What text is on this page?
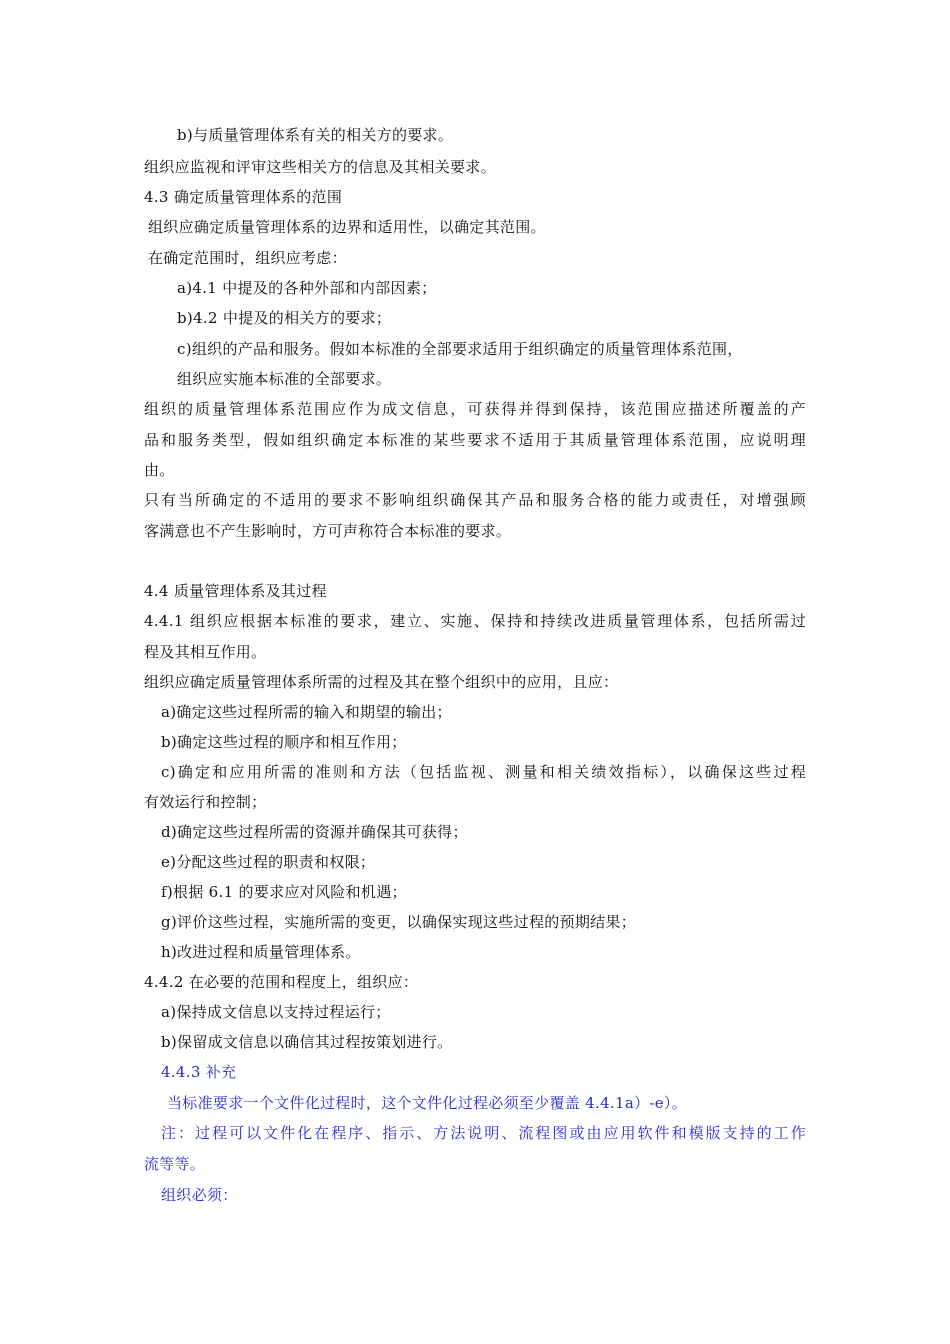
b)与质量管理体系有关的相关方的要求。
组织应监视和评审这些相关方的信息及其相关要求。
4.3 确定质量管理体系的范围
组织应确定质量管理体系的边界和适用性，以确定其范围。
在确定范围时，组织应考虑：
a)4.1 中提及的各种外部和内部因素；
b)4.2 中提及的相关方的要求；
c)组织的产品和服务。假如本标准的全部要求适用于组织确定的质量管理体系范围，
组织应实施本标准的全部要求。
组织的质量管理体系范围应作为成文信息，可获得并得到保持，该范围应描述所覆盖的产
品和服务类型，假如组织确定本标准的某些要求不适用于其质量管理体系范围，应说明理
由。
只有当所确定的不适用的要求不影响组织确保其产品和服务合格的能力或责任，对增强顾
客满意也不产生影响时，方可声称符合本标准的要求。
4.4 质量管理体系及其过程
4.4.1 组织应根据本标准的要求，建立、实施、保持和持续改进质量管理体系，包括所需过
程及其相互作用。
组织应确定质量管理体系所需的过程及其在整个组织中的应用，且应：
a)确定这些过程所需的输入和期望的输出；
b)确定这些过程的顺序和相互作用；
c)确定和应用所需的准则和方法（包括监视、测量和相关绩效指标），以确保这些过程
有效运行和控制；
d)确定这些过程所需的资源并确保其可获得；
e)分配这些过程的职责和权限；
f)根据 6.1 的要求应对风险和机遇；
g)评价这些过程，实施所需的变更，以确保实现这些过程的预期结果；
h)改进过程和质量管理体系。
4.4.2 在必要的范围和程度上，组织应：
a)保持成文信息以支持过程运行；
b)保留成文信息以确信其过程按策划进行。
4.4.3 补充
当标准要求一个文件化过程时，这个文件化过程必须至少覆盖 4.4.1a）-e）。
注：过程可以文件化在程序、指示、方法说明、流程图或由应用软件和模版支持的工作
流等等。
组织必须：
